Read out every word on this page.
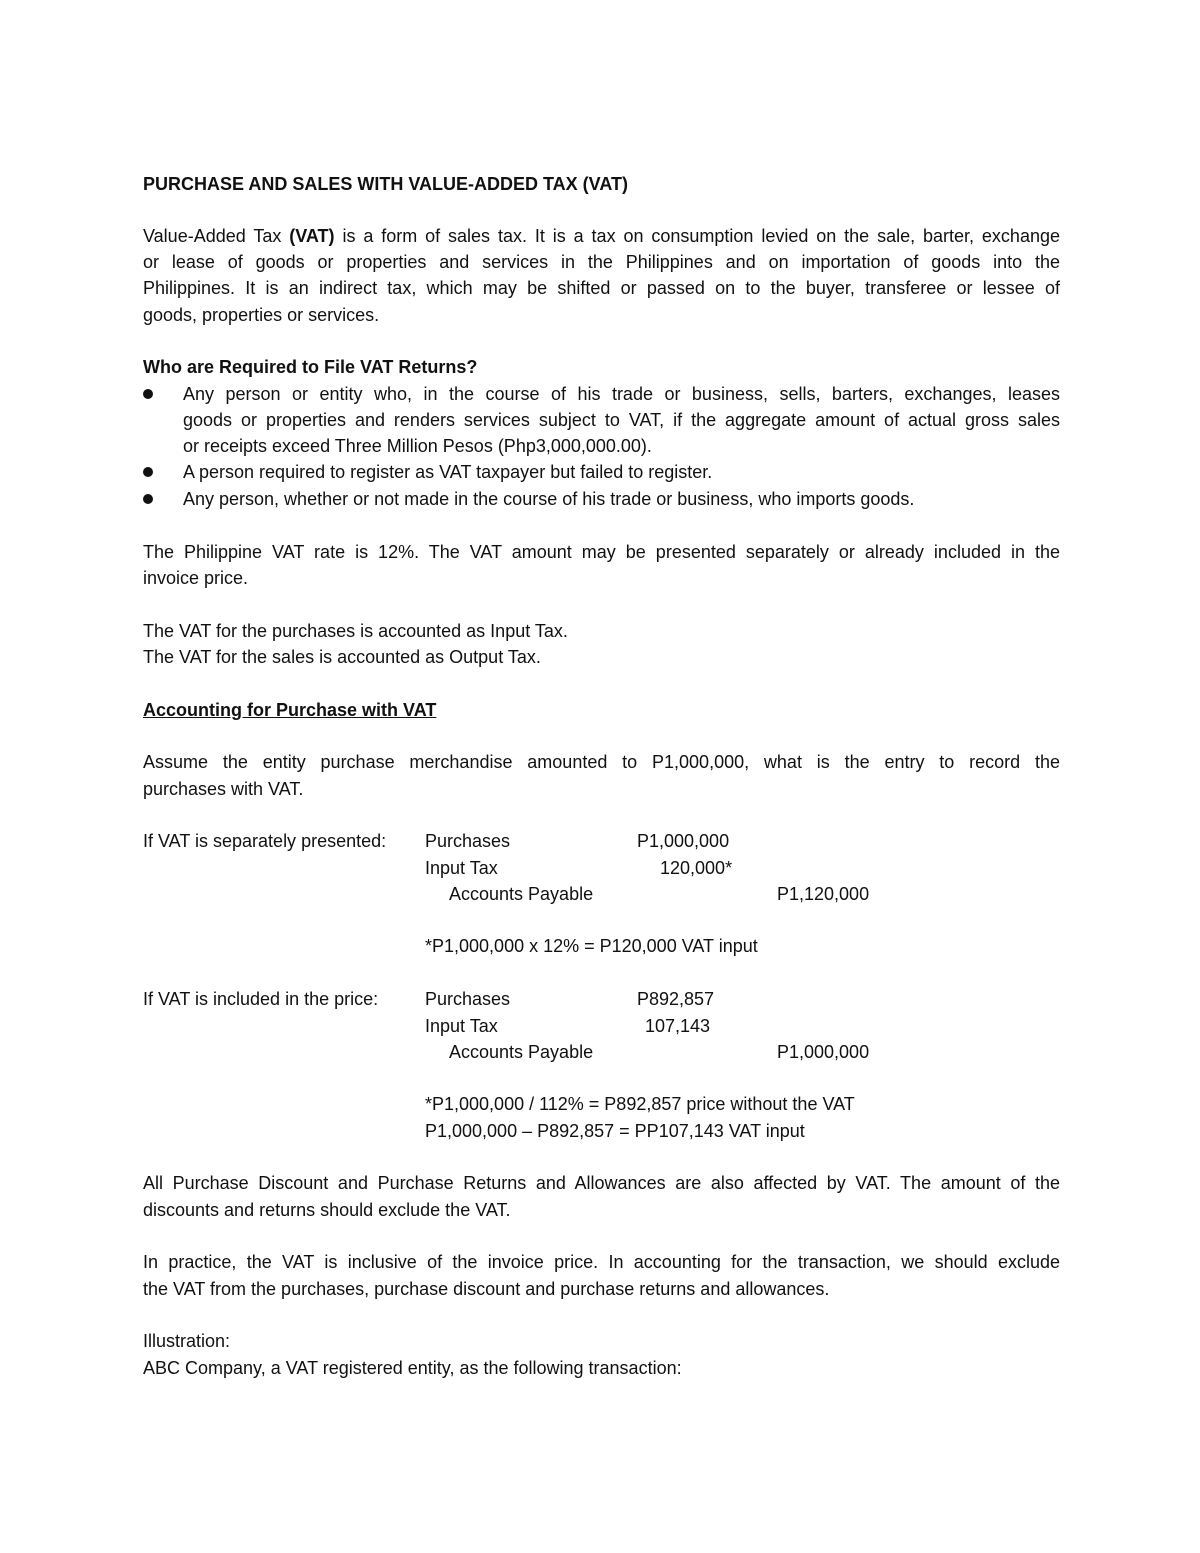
PURCHASE AND SALES WITH VALUE-ADDED TAX (VAT)
Value-Added Tax (VAT) is a form of sales tax. It is a tax on consumption levied on the sale, barter, exchange
or lease of goods or properties and services in the Philippines and on importation of goods into the
Philippines. It is an indirect tax, which may be shifted or passed on to the buyer, transferee or lessee of
goods, properties or services.
Who are Required to File VAT Returns?
Any person or entity who, in the course of his trade or business, sells, barters, exchanges, leases
goods or properties and renders services subject to VAT, if the aggregate amount of actual gross sales
or receipts exceed Three Million Pesos (Php3,000,000.00).
A person required to register as VAT taxpayer but failed to register.
Any person, whether or not made in the course of his trade or business, who imports goods.
The Philippine VAT rate is 12%. The VAT amount may be presented separately or already included in the
invoice price.
The VAT for the purchases is accounted as Input Tax.
The VAT for the sales is accounted as Output Tax.
Accounting for Purchase with VAT
Assume the entity purchase merchandise amounted to P1,000,000, what is the entry to record the
purchases with VAT.
If VAT is separately presented: Purchases	P1,000,000
Input Tax	120,000*
Accounts Payable	P1,120,000
*P1,000,000 x 12% = P120,000 VAT input
If VAT is included in the price:	Purchases	P892,857
Input Tax	107,143
Accounts Payable	P1,000,000
*P1,000,000 / 112% = P892,857 price without the VAT
P1,000,000 – P892,857 = PP107,143 VAT input
All Purchase Discount and Purchase Returns and Allowances are also affected by VAT. The amount of the
discounts and returns should exclude the VAT.
In practice, the VAT is inclusive of the invoice price. In accounting for the transaction, we should exclude
the VAT from the purchases, purchase discount and purchase returns and allowances.
Illustration:
ABC Company, a VAT registered entity, as the following transaction:
